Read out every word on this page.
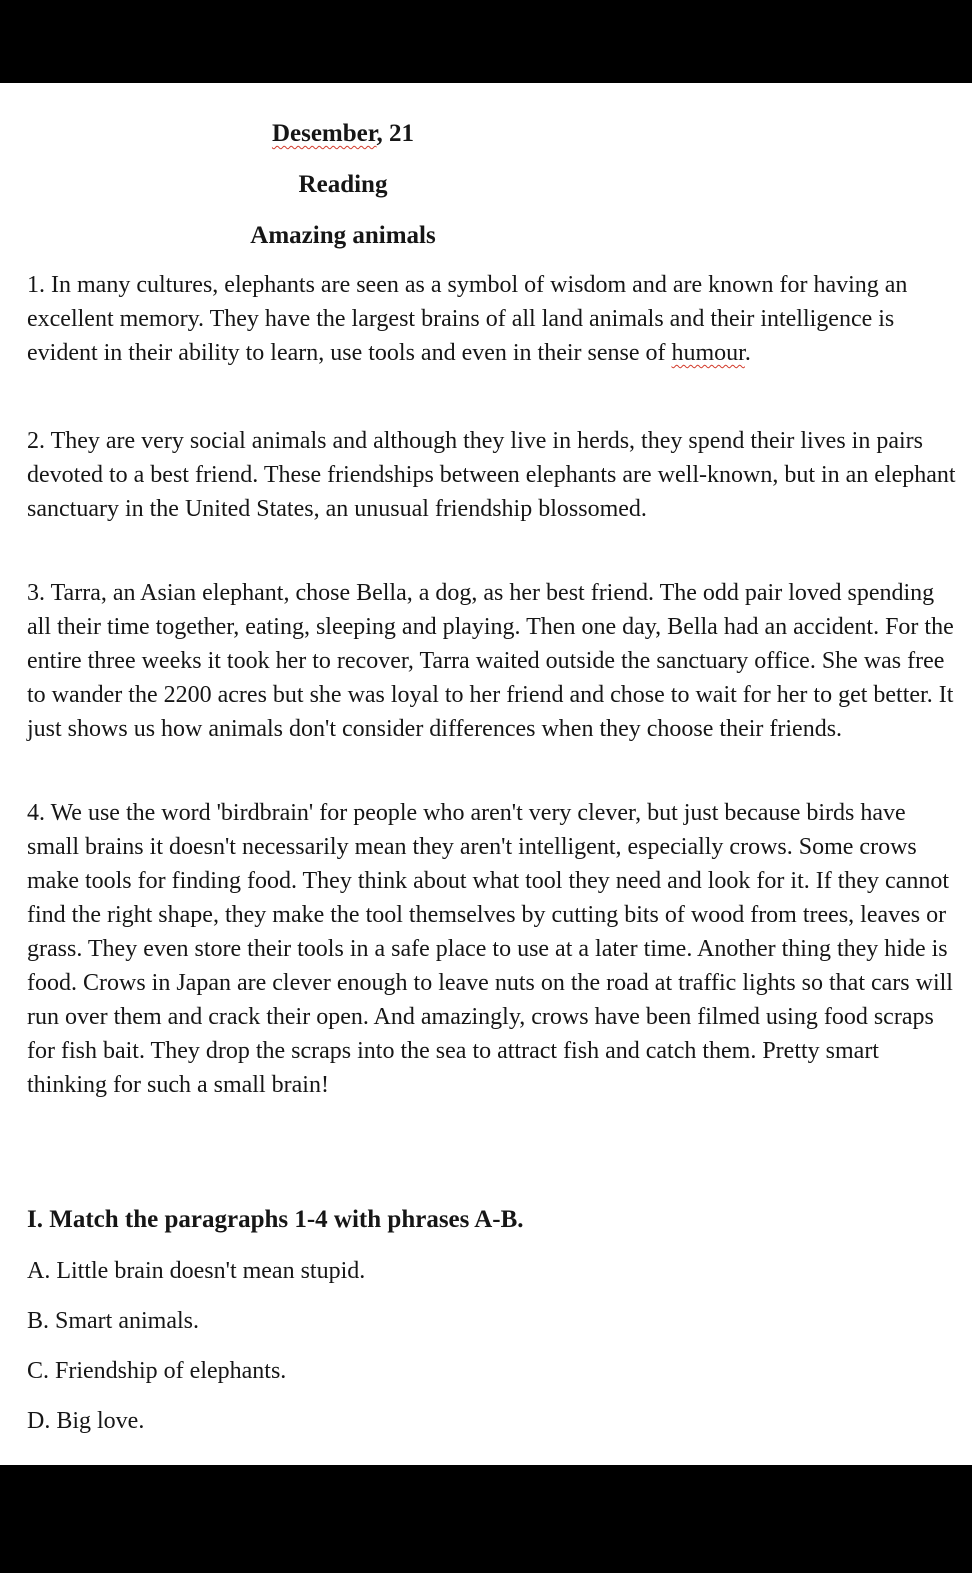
Desember, 21

Reading

Amazing animals

1. In many cultures, elephants are seen as a symbol of wisdom and are known for having an excellent memory. They have the largest brains of all land animals and their intelligence is evident in their ability to learn, use tools and even in their sense of humour.

2. They are very social animals and although they live in herds, they spend their lives in pairs devoted to a best friend. These friendships between elephants are well-known, but in an elephant sanctuary in the United States, an unusual friendship blossomed.

3. Tarra, an Asian elephant, chose Bella, a dog, as her best friend. The odd pair loved spending all their time together, eating, sleeping and playing. Then one day, Bella had an accident. For the entire three weeks it took her to recover, Tarra waited outside the sanctuary office. She was free to wander the 2200 acres but she was loyal to her friend and chose to wait for her to get better. It just shows us how animals don't consider differences when they choose their friends.

4. We use the word 'birdbrain' for people who aren't very clever, but just because birds have small brains it doesn't necessarily mean they aren't intelligent, especially crows. Some crows make tools for finding food. They think about what tool they need and look for it. If they cannot find the right shape, they make the tool themselves by cutting bits of wood from trees, leaves or grass. They even store their tools in a safe place to use at a later time. Another thing they hide is food. Crows in Japan are clever enough to leave nuts on the road at traffic lights so that cars will run over them and crack their open. And amazingly, crows have been filmed using food scraps for fish bait. They drop the scraps into the sea to attract fish and catch them. Pretty smart thinking for such a small brain!

I. Match the paragraphs 1-4 with phrases A-B.

A. Little brain doesn't mean stupid.

B. Smart animals.

C. Friendship of elephants.

D. Big love.
